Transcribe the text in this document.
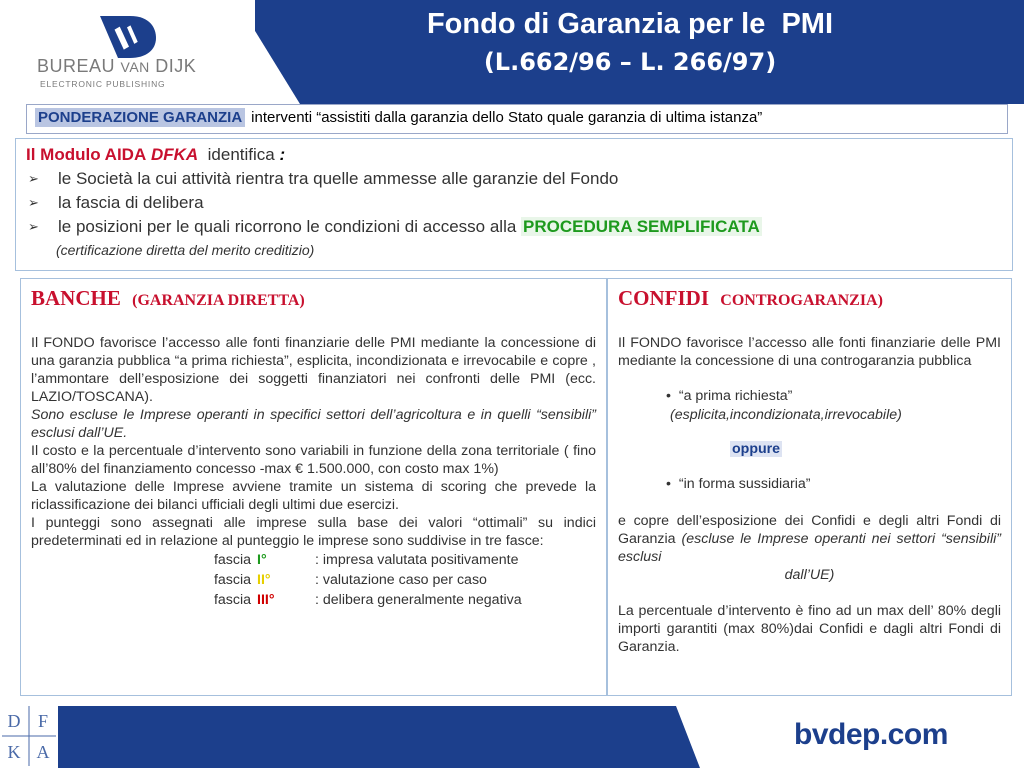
BUREAU VAN DIJK
ELECTRONIC PUBLISHING
Fondo di Garanzia per le  PMI
(L.662/96 – L. 266/97)
PONDERAZIONE GARANZIA interventi “assistiti dalla garanzia dello Stato quale garanzia di ultima istanza”
Il Modulo AIDA DFKA identifica :
➢ le Società la cui attività rientra tra quelle ammesse alle garanzie del Fondo
➢ la fascia di delibera
➢ le posizioni per le quali ricorrono le condizioni di accesso alla PROCEDURA SEMPLIFICATA
(certificazione diretta del merito creditizio)
BANCHE (GARANZIA DIRETTA)
Il FONDO favorisce l’accesso alle fonti finanziarie delle PMI mediante la concessione di una garanzia pubblica “a prima richiesta”, esplicita, incondizionata e irrevocabile e copre , l’ammontare dell’esposizione dei soggetti finanziatori nei confronti delle PMI (ecc. LAZIO/TOSCANA).
Sono escluse le Imprese operanti in specifici settori dell’agricoltura e in quelli “sensibili” esclusi dall’UE.
Il costo e la percentuale d’intervento sono variabili in funzione della zona territoriale ( fino all’80% del finanziamento concesso -max € 1.500.000, con costo max 1%)
La valutazione delle Imprese avviene tramite un sistema di scoring che prevede la riclassificazione dei bilanci ufficiali degli ultimi due esercizi.
I punteggi sono assegnati alle imprese sulla base dei valori “ottimali” su indici predeterminati ed in relazione al punteggio le imprese sono suddivise in tre fasce:
fascia I°	: impresa valutata positivamente
fascia II°	: valutazione caso per caso
fascia III°	: delibera generalmente negativa
CONFIDI CONTROGARANZIA)
Il FONDO favorisce l’accesso alle fonti finanziarie delle PMI mediante la concessione di una controgaranzia pubblica
• “a prima richiesta”
(esplicita,incondizionata,irrevocabile)
oppure
• “in forma sussidiaria”
e copre dell’esposizione dei Confidi e degli altri Fondi di Garanzia (escluse le Imprese operanti nei settori “sensibili” esclusi
dall’UE)
La percentuale d’intervento è fino ad un max dell’ 80% degli importi garantiti (max 80%)dai Confidi e dagli altri Fondi di Garanzia.
D F
K A
bvdep.com
